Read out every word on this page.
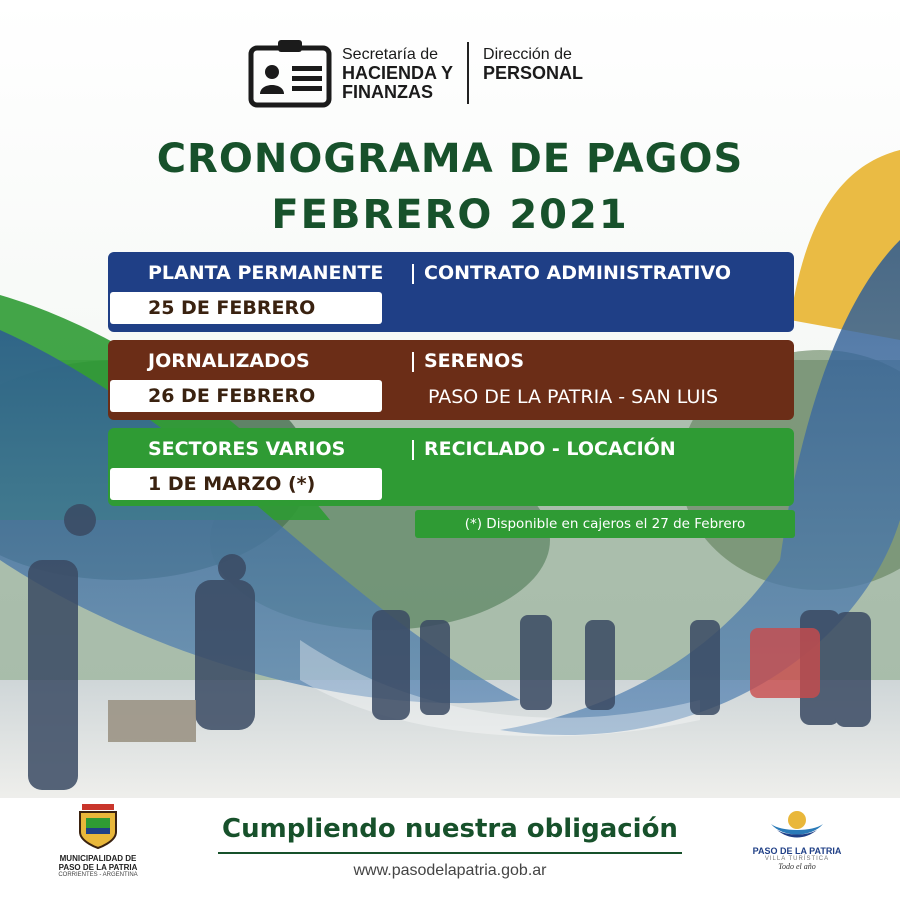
Secretaría de
HACIENDA Y
FINANZAS
Dirección de
PERSONAL
CRONOGRAMA DE PAGOS
FEBRERO 2021
PLANTA PERMANENTE	CONTRATO ADMINISTRATIVO
25 DE FEBRERO
JORNALIZADOS	SERENOS
26 DE FEBRERO	PASO DE LA PATRIA - SAN LUIS
SECTORES VARIOS	RECICLADO - LOCACIÓN
1 DE MARZO (*)
(*) Disponible en cajeros el 27 de Febrero
MUNICIPALIDAD DE
PASO DE LA PATRIA
CORRIENTES - ARGENTINA
Cumpliendo nuestra obligación
www.pasodelapatria.gob.ar
PASO DE LA PATRIA
VILLA TURÍSTICA
Todo el año
